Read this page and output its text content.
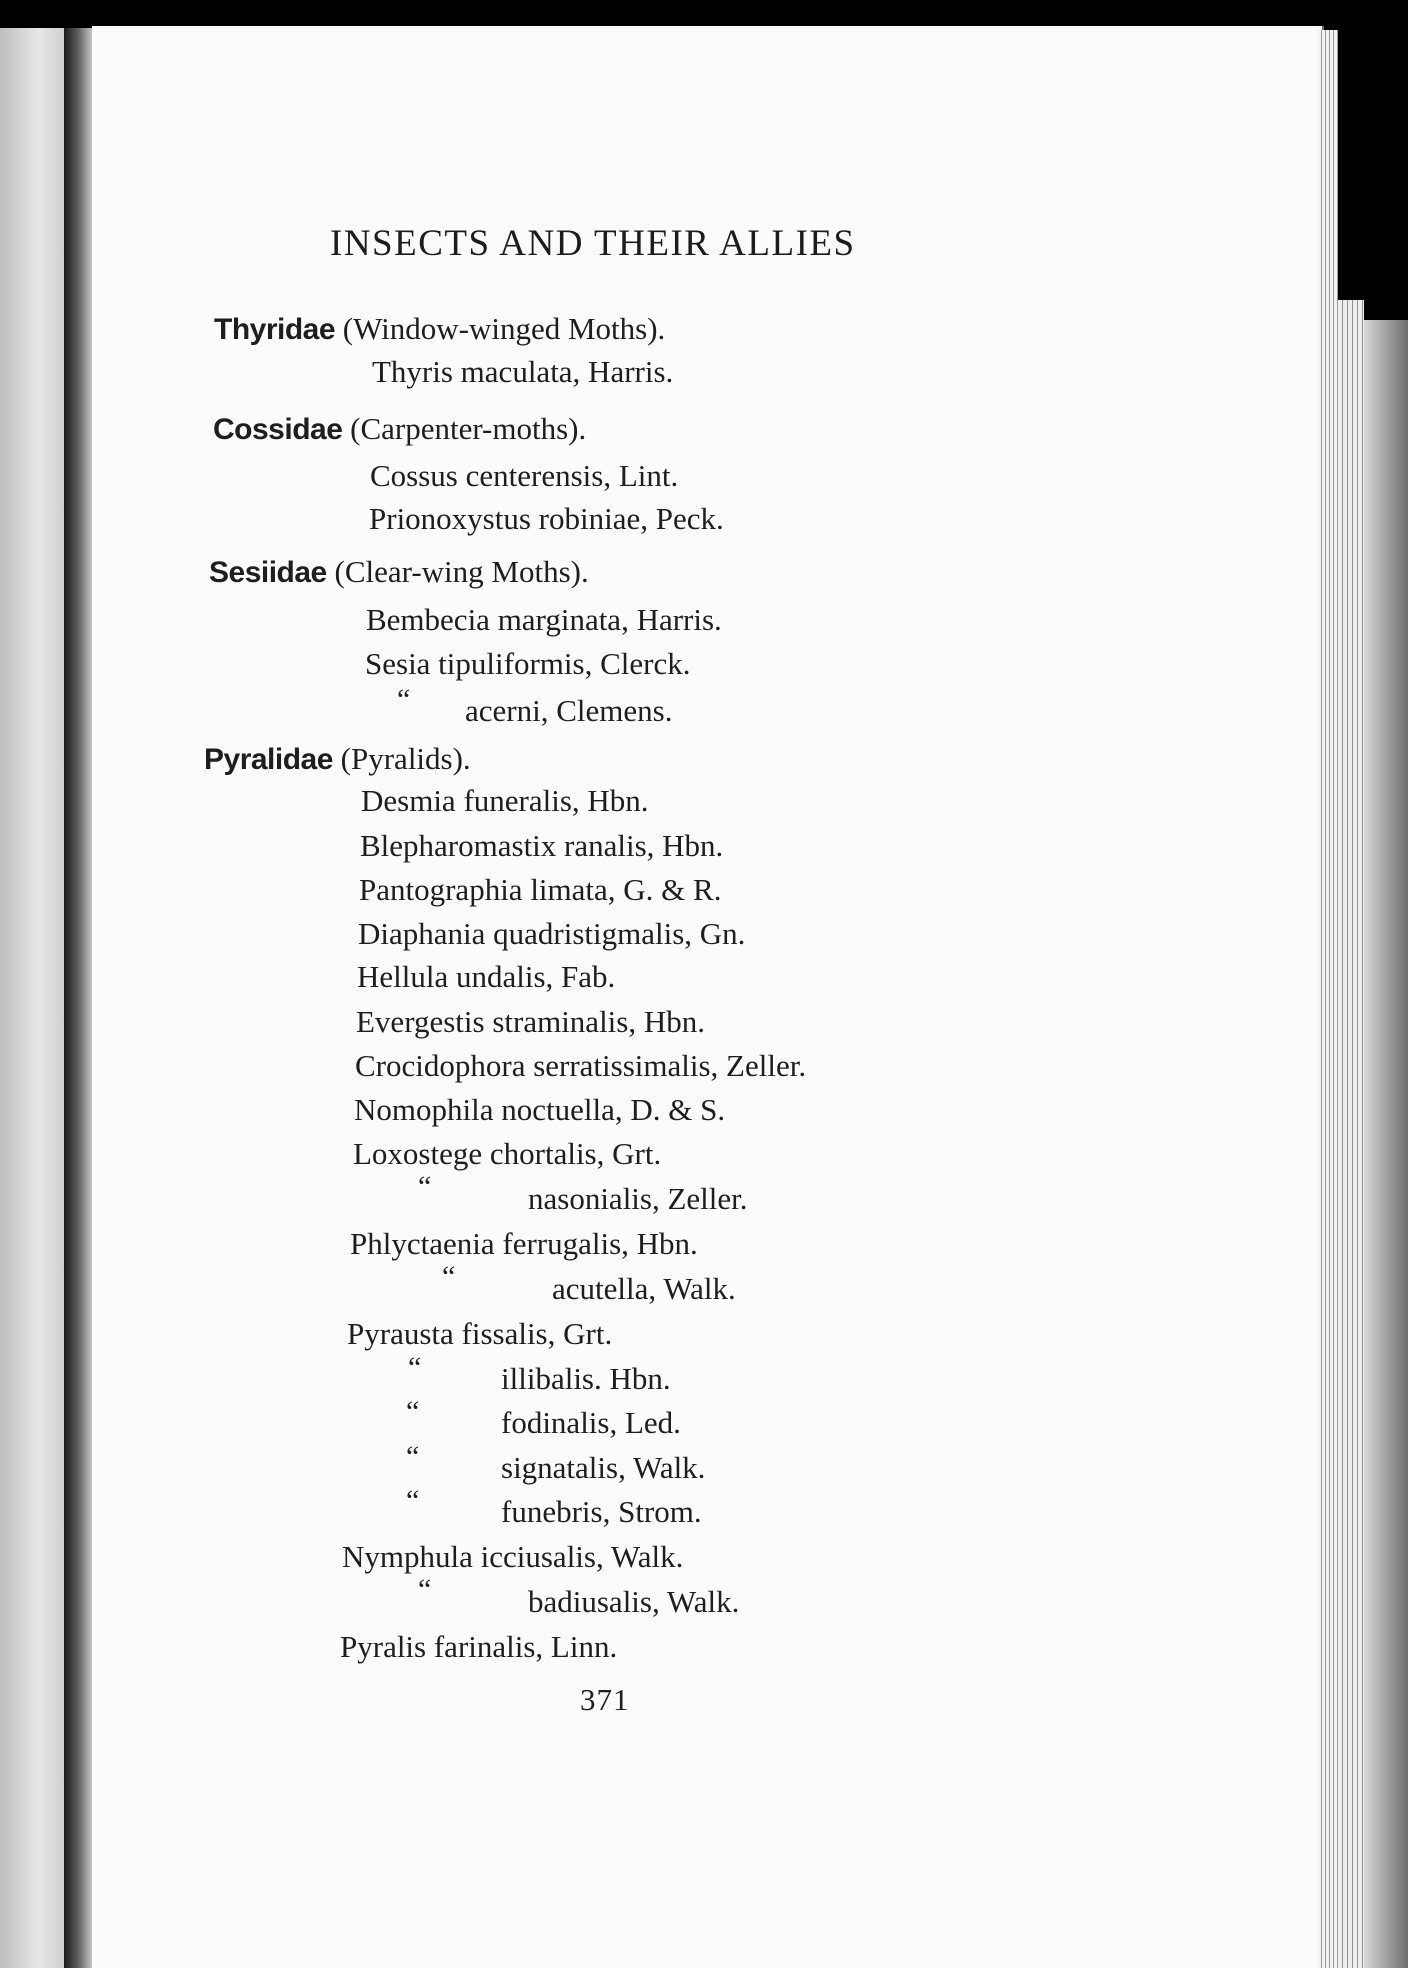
INSECTS AND THEIR ALLIES
Thyridae (Window-winged Moths).
Thyris maculata, Harris.
Cossidae (Carpenter-moths).
Cossus centerensis, Lint.
Prionoxystus robiniae, Peck.
Sesiidae (Clear-wing Moths).
Bembecia marginata, Harris.
Sesia tipuliformis, Clerck.
“ acerni, Clemens.
Pyralidae (Pyralids).
Desmia funeralis, Hbn.
Blepharomastix ranalis, Hbn.
Pantographia limata, G. & R.
Diaphania quadristigmalis, Gn.
Hellula undalis, Fab.
Evergestis straminalis, Hbn.
Crocidophora serratissimalis, Zeller.
Nomophila noctuella, D. & S.
Loxostege chortalis, Grt.
“	nasonialis, Zeller.
Phlyctaenia ferrugalis, Hbn.
“	acutella, Walk.
Pyrausta fissalis, Grt.
“	illibalis. Hbn.
“	fodinalis, Led.
“	signatalis, Walk.
“	funebris, Strom.
Nymphula icciusalis, Walk.
“	badiusalis, Walk.
Pyralis farinalis, Linn.
371
